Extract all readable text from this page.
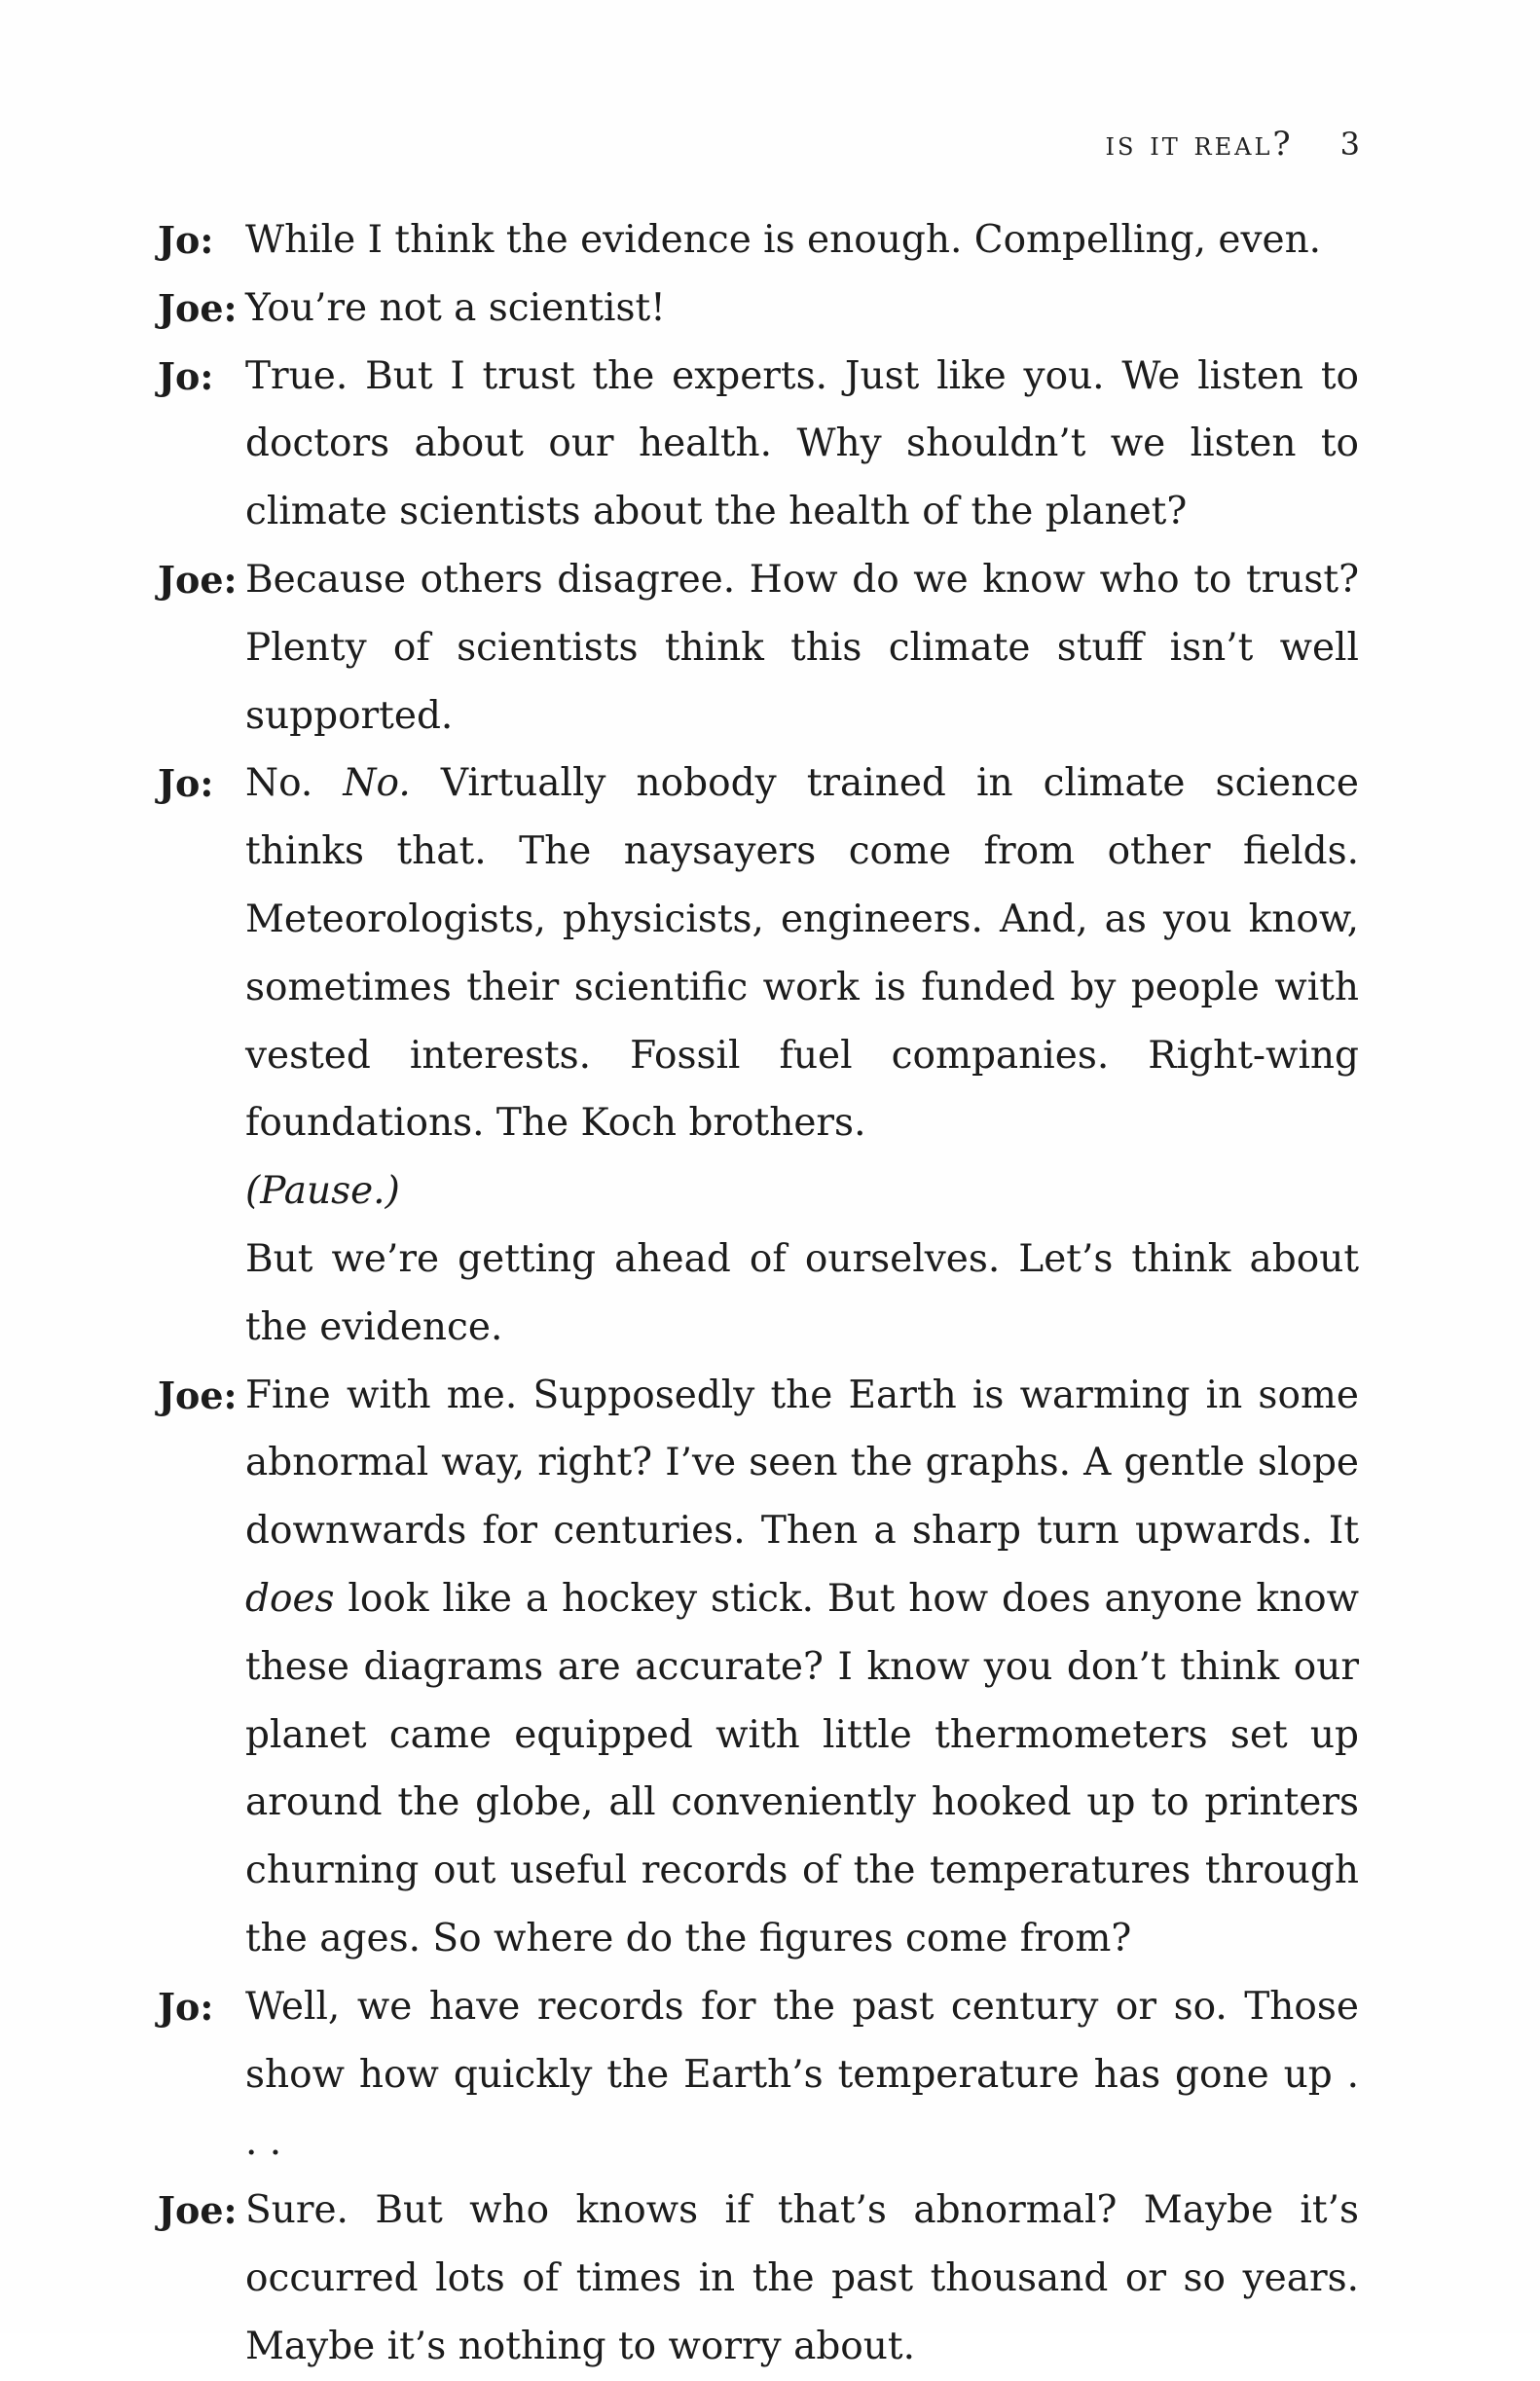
is it real? 3
Jo: While I think the evidence is enough. Compelling, even.

Joe: You’re not a scientist!

Jo: True. But I trust the experts. Just like you. We listen to doctors about our health. Why shouldn’t we listen to climate scientists about the health of the planet?

Joe: Because others disagree. How do we know who to trust? Plenty of scientists think this climate stuff isn’t well supported.

Jo: No. No. Virtually nobody trained in climate science thinks that. The naysayers come from other fields. Meteorologists, physicists, engineers. And, as you know, sometimes their scientific work is funded by people with vested interests. Fossil fuel companies. Right-wing foundations. The Koch brothers.

(Pause.)

But we’re getting ahead of ourselves. Let’s think about the evidence.

Joe: Fine with me. Supposedly the Earth is warming in some abnormal way, right? I’ve seen the graphs. A gentle slope downwards for centuries. Then a sharp turn upwards. It does look like a hockey stick. But how does anyone know these diagrams are accurate? I know you don’t think our planet came equipped with little thermometers set up around the globe, all conveniently hooked up to printers churning out useful records of the temperatures through the ages. So where do the figures come from?

Jo: Well, we have records for the past century or so. Those show how quickly the Earth’s temperature has gone up . . .

Joe: Sure. But who knows if that’s abnormal? Maybe it’s occurred lots of times in the past thousand or so years. Maybe it’s nothing to worry about.
